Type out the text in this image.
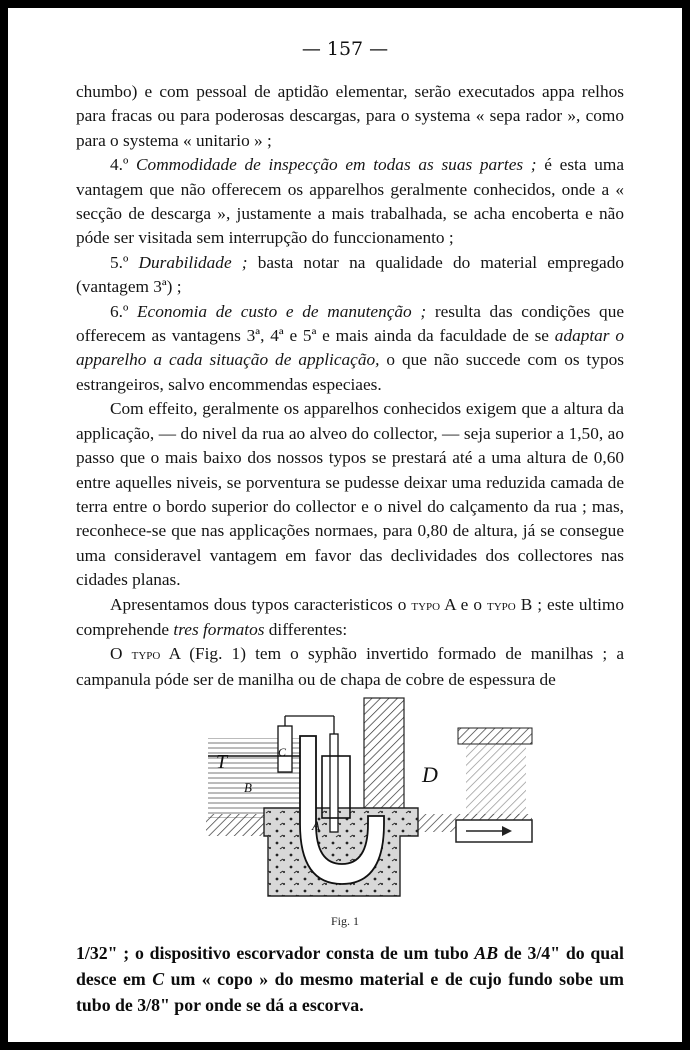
— 157 —

chumbo) e com pessoal de aptidão elementar, serão executados appa relhos para fracas ou para poderosas descargas, para o systema « sepa rador », como para o systema « unitario » ;

4.º Commodidade de inspecção em todas as suas partes ; é esta uma vantagem que não offerecem os apparelhos geralmente conhecidos, onde a « secção de descarga », justamente a mais trabalhada, se acha encoberta e não póde ser visitada sem interrupção do funccionamento ;

5.º Durabilidade ; basta notar na qualidade do material empregado (vantagem 3ª) ;

6.º Economia de custo e de manutenção ; resulta das condições que offerecem as vantagens 3ª, 4ª e 5ª e mais ainda da faculdade de se adaptar o apparelho a cada situação de applicação, o que não succede com os typos estrangeiros, salvo encommendas especiaes.

Com effeito, geralmente os apparelhos conhecidos exigem que a altura da applicação, — do nivel da rua ao alveo do collector, — seja superior a 1,50, ao passo que o mais baixo dos nossos typos se prestará até a uma altura de 0,60 entre aquelles niveis, se porventura se pudesse deixar uma reduzida camada de terra entre o bordo superior do collector e o nivel do calçamento da rua ; mas, reconhece-se que nas applicações normaes, para 0,80 de altura, já se consegue uma consideravel vantagem em favor das declividades dos collectores nas cidades planas.

Apresentamos dous typos caracteristicos o typo A e o typo B ; este ultimo comprehende tres formatos differentes:

O typo A (Fig. 1) tem o syphão invertido formado de manilhas ; a campanula póde ser de manilha ou de chapa de cobre de espessura de

T
B
C
A
D
Fig. 1

1/32" ; o dispositivo escorvador consta de um tubo AB de 3/4" do qual desce em C um « copo » do mesmo material e de cujo fundo sobe um tubo de 3/8" por onde se dá a escorva.
